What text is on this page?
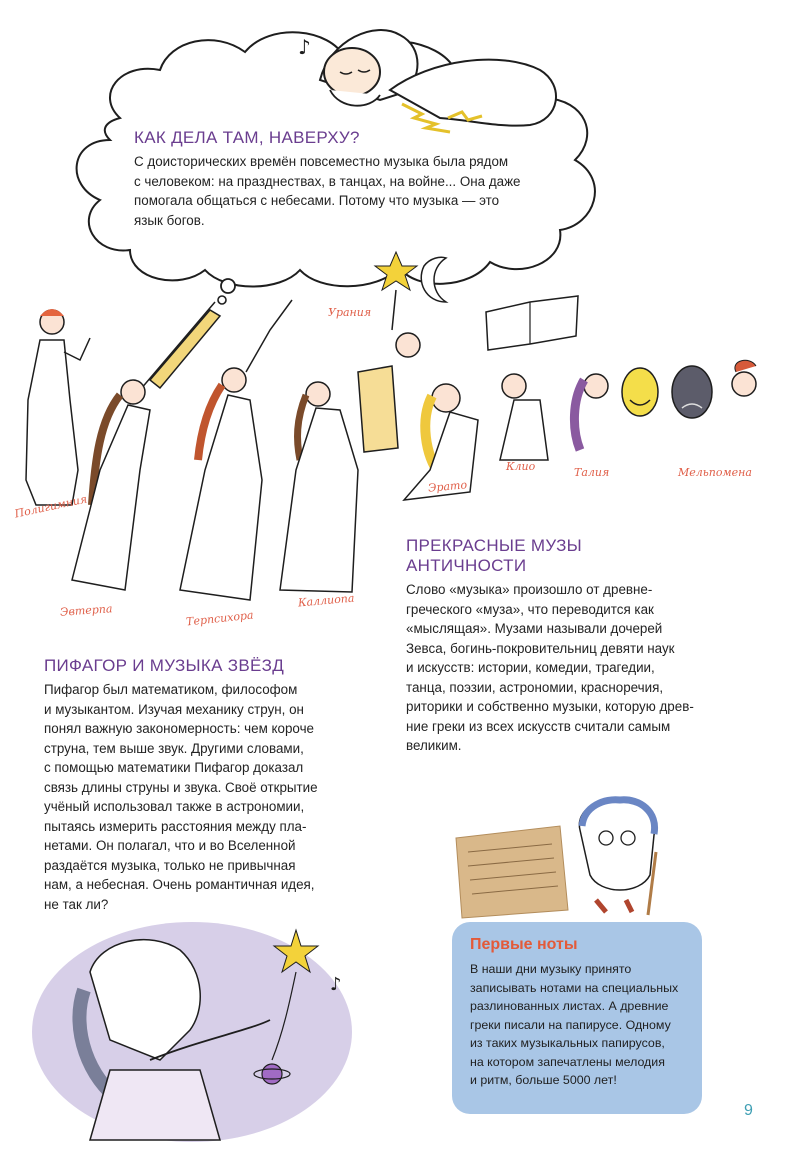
♪
♪
КАК ДЕЛА ТАМ, НАВЕРХУ?
С доисторических времён повсеместно музыка была рядом
с человеком: на празднествах, в танцах, на войне... Она даже
помогала общаться с небесами. Потому что музыка — это
язык богов.
Полигимния
Эвтерпа	Терпсихора
Каллиопа
Урания
Эрато
Клио	Талия	Мельпомена
ПРЕКРАСНЫЕ МУЗЫ АНТИЧНОСТИ
Слово «музыка» произошло от древне-
греческого «муза», что переводится как
«мыслящая». Музами называли дочерей
Зевса, богинь-покровительниц девяти наук
и искусств: истории, комедии, трагедии,
танца, поэзии, астрономии, красноречия,
риторики и собственно музыки, которую древ-
ние греки из всех искусств считали самым
великим.
ПИФАГОР И МУЗЫКА ЗВЁЗД
Пифагор был математиком, философом
и музыкантом. Изучая механику струн, он
понял важную закономерность: чем короче
струна, тем выше звук. Другими словами,
с помощью математики Пифагор доказал
связь длины струны и звука. Своё открытие
учёный использовал также в астрономии,
пытаясь измерить расстояния между пла-
нетами. Он полагал, что и во Вселенной
раздаётся музыка, только не привычная
нам, а небесная. Очень романтичная идея,
не так ли?
Первые ноты
В наши дни музыку принято
записывать нотами на специальных
разлинованных листах. А древние
греки писали на папирусе. Одному
из таких музыкальных папирусов,
на котором запечатлены мелодия
и ритм, больше 5000 лет!
9
